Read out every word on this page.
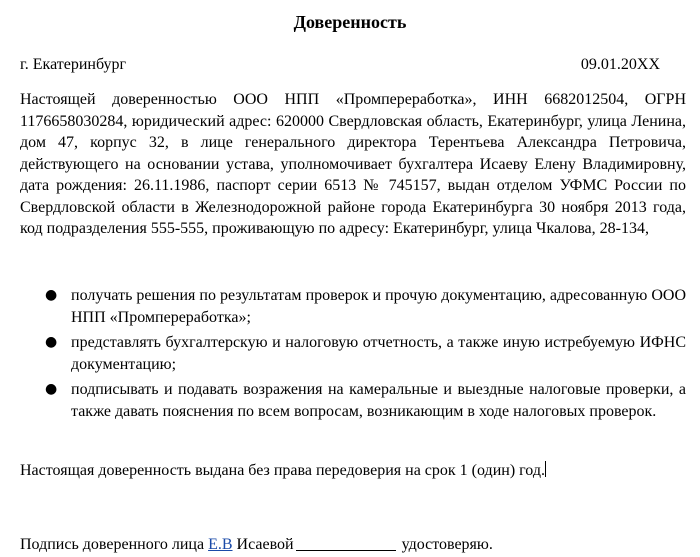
Доверенность
г. Екатеринбург	09.01.20XX
Настоящей доверенностью ООО НПП «Промпереработка», ИНН 6682012504, ОГРН 1176658030284, юридический адрес: 620000 Свердловская область, Екатеринбург, улица Ленина, дом 47, корпус 32, в лице генерального директора Терентьева Александра Петровича, действующего на основании устава, уполномочивает бухгалтера Исаеву Елену Владимировну, дата рождения: 26.11.1986, паспорт серии 6513 № 745157, выдан отделом УФМС России по Свердловской области в Железнодорожной районе города Екатеринбурга 30 ноября 2013 года, код подразделения 555-555, проживающую по адресу: Екатеринбург, улица Чкалова, 28-134,
● получать решения по результатам проверок и прочую документацию, адресованную ООО НПП «Промпереработка»;
● представлять бухгалтерскую и налоговую отчетность, а также иную истребуемую ИФНС документацию;
● подписывать и подавать возражения на камеральные и выездные налоговые проверки, а также давать пояснения по всем вопросам, возникающим в ходе налоговых проверок.
Настоящая доверенность выдана без права передоверия на срок 1 (один) год.
Подпись доверенного лица Е.В Исаевой	удостоверяю.
